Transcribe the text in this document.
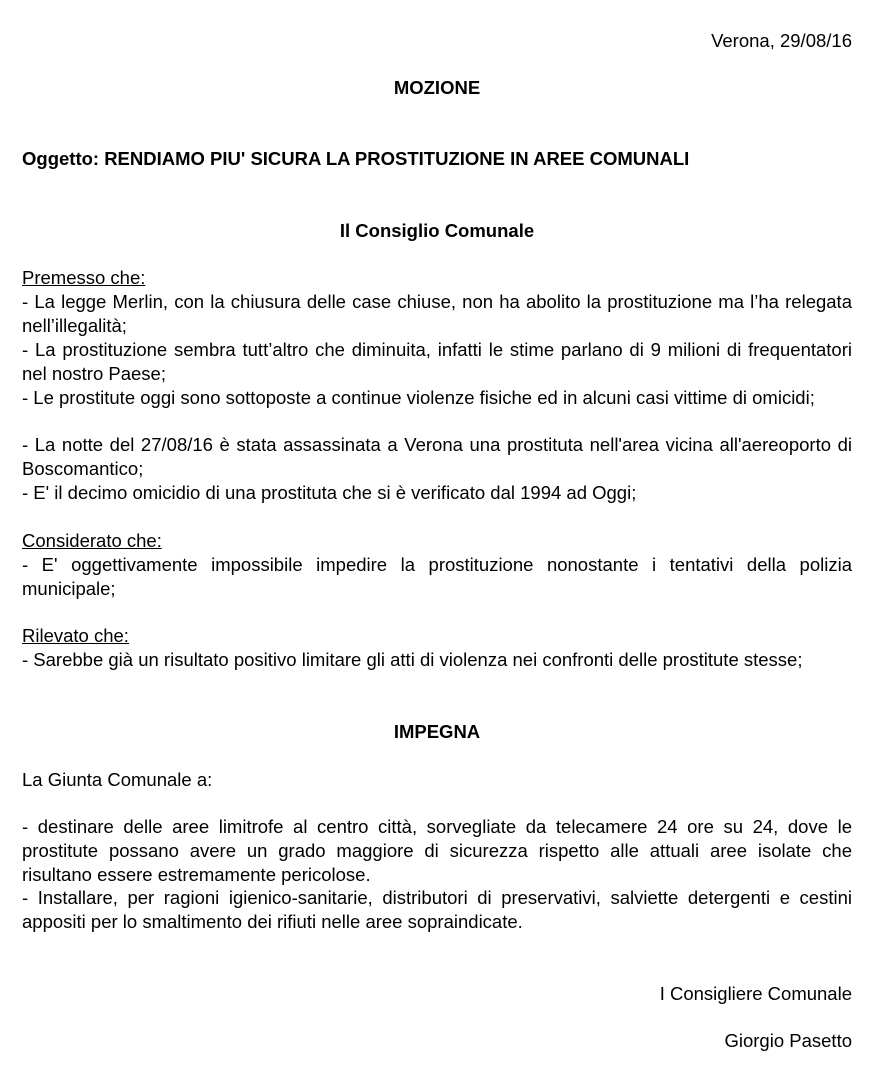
Verona, 29/08/16
MOZIONE
Oggetto: RENDIAMO PIU' SICURA LA PROSTITUZIONE IN AREE COMUNALI
Il Consiglio Comunale
Premesso che:
- La legge Merlin, con la chiusura delle case chiuse, non ha abolito la prostituzione ma l’ha relegata nell’illegalità;
- La prostituzione sembra tutt’altro che diminuita, infatti le stime parlano di 9 milioni di frequentatori nel nostro Paese;
- Le prostitute oggi sono sottoposte a continue violenze fisiche ed in alcuni casi vittime di omicidi;
- La notte del 27/08/16 è stata assassinata a Verona una prostituta nell'area vicina all'aereoporto di Boscomantico;
- E' il decimo omicidio di una prostituta che si è verificato dal 1994 ad Oggi;
Considerato che:
- E' oggettivamente impossibile impedire la prostituzione nonostante i tentativi della polizia municipale;
Rilevato che:
- Sarebbe già un risultato positivo limitare gli atti di violenza nei confronti delle prostitute stesse;
IMPEGNA
La Giunta Comunale a:
- destinare delle aree limitrofe al centro città, sorvegliate da telecamere 24 ore su 24, dove le prostitute possano avere un grado maggiore di sicurezza rispetto alle attuali aree isolate che risultano essere estremamente pericolose.
- Installare, per ragioni igienico-sanitarie, distributori di preservativi, salviette detergenti e cestini appositi per lo smaltimento dei rifiuti nelle aree sopraindicate.
I Consigliere Comunale
Giorgio Pasetto
